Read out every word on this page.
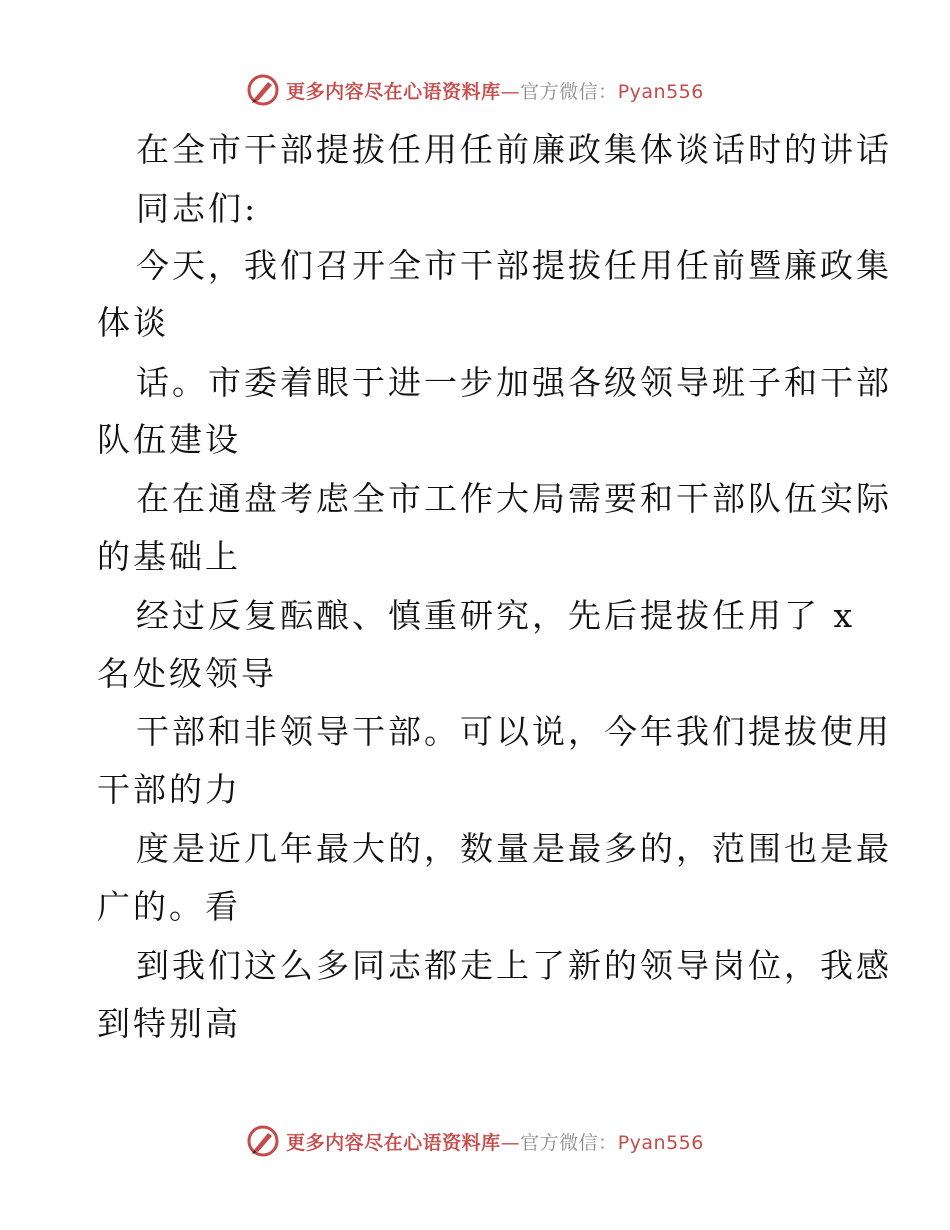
更多内容尽在心语资料库—官方微信：Pyan556
在全市干部提拔任用任前廉政集体谈话时的讲话
同志们:
今天，我们召开全市干部提拔任用任前暨廉政集
体谈
话。市委着眼于进一步加强各级领导班子和干部
队伍建设
在在通盘考虑全市工作大局需要和干部队伍实际
的基础上
经过反复酝酿、慎重研究，先后提拔任用了 x
名处级领导
干部和非领导干部。可以说，今年我们提拔使用
干部的力
度是近几年最大的，数量是最多的，范围也是最
广的。看
到我们这么多同志都走上了新的领导岗位，我感
到特别高
更多内容尽在心语资料库—官方微信：Pyan556
